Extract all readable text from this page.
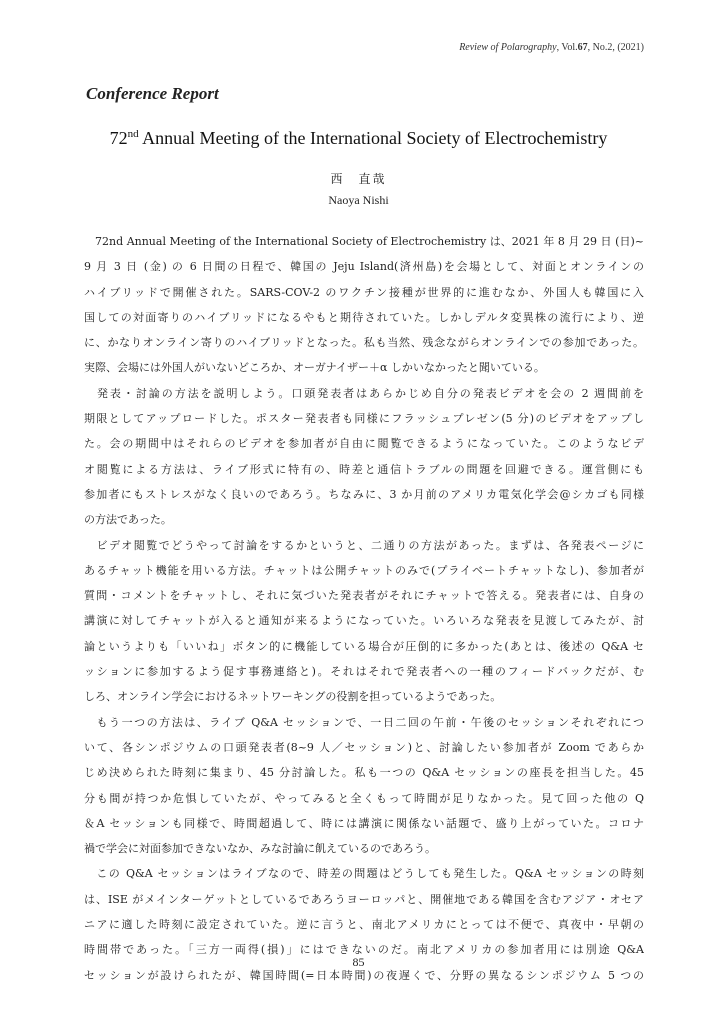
Review of Polarography, Vol.67, No.2, (2021)
Conference Report
72nd Annual Meeting of the International Society of Electrochemistry
西　直哉
Naoya Nishi
　72nd Annual Meeting of the International Society of Electrochemistry は、2021 年 8 月 29 日 (日)~
9 月 3 日 (金) の 6 日間の日程で、韓国の Jeju Island(済州島)を会場として、対面とオンラインの
ハイブリッドで開催された。SARS-COV-2 のワクチン接種が世界的に進むなか、外国人も韓国に入
国しての対面寄りのハイブリッドになるやもと期待されていた。しかしデルタ変異株の流行により、逆
に、かなりオンライン寄りのハイブリッドとなった。私も当然、残念ながらオンラインでの参加であった。
実際、会場には外国人がいないどころか、オーガナイザー＋α しかいなかったと聞いている。
　発表・討論の方法を説明しよう。口頭発表者はあらかじめ自分の発表ビデオを会の 2 週間前を
期限としてアップロードした。ポスター発表者も同様にフラッシュプレゼン(5 分)のビデオをアップし
た。会の期間中はそれらのビデオを参加者が自由に閲覧できるようになっていた。このようなビデ
オ閲覧による方法は、ライブ形式に特有の、時差と通信トラブルの問題を回避できる。運営側にも
参加者にもストレスがなく良いのであろう。ちなみに、3 か月前のアメリカ電気化学会@シカゴも同様
の方法であった。
　ビデオ閲覧でどうやって討論をするかというと、二通りの方法があった。まずは、各発表ページに
あるチャット機能を用いる方法。チャットは公開チャットのみで(プライベートチャットなし)、参加者が
質問・コメントをチャットし、それに気づいた発表者がそれにチャットで答える。発表者には、自身の
講演に対してチャットが入ると通知が来るようになっていた。いろいろな発表を見渡してみたが、討
論というよりも「いいね」ボタン的に機能している場合が圧倒的に多かった(あとは、後述の Q&A セ
ッションに参加するよう促す事務連絡と)。それはそれで発表者への一種のフィードバックだが、む
しろ、オンライン学会におけるネットワーキングの役割を担っているようであった。
　もう一つの方法は、ライブ Q&A セッションで、一日二回の午前・午後のセッションそれぞれにつ
いて、各シンポジウムの口頭発表者(8~9 人／セッション)と、討論したい参加者が Zoom であらか
じめ決められた時刻に集まり、45 分討論した。私も一つの Q&A セッションの座長を担当した。45
分も間が持つか危惧していたが、やってみると全くもって時間が足りなかった。見て回った他の Q
＆A セッションも同様で、時間超過して、時には講演に関係ない話題で、盛り上がっていた。コロナ
禍で学会に対面参加できないなか、みな討論に飢えているのであろう。
　この Q&A セッションはライブなので、時差の問題はどうしても発生した。Q&A セッションの時刻
は、ISE がメインターゲットとしているであろうヨーロッパと、開催地である韓国を含むアジア・オセア
ニアに適した時刻に設定されていた。逆に言うと、南北アメリカにとっては不便で、真夜中・早朝の
時間帯であった。「三方一両得(損)」にはできないのだ。南北アメリカの参加者用には別途 Q&A
セッションが設けられたが、韓国時間(=日本時間)の夜遅くで、分野の異なるシンポジウム 5 つの
85
